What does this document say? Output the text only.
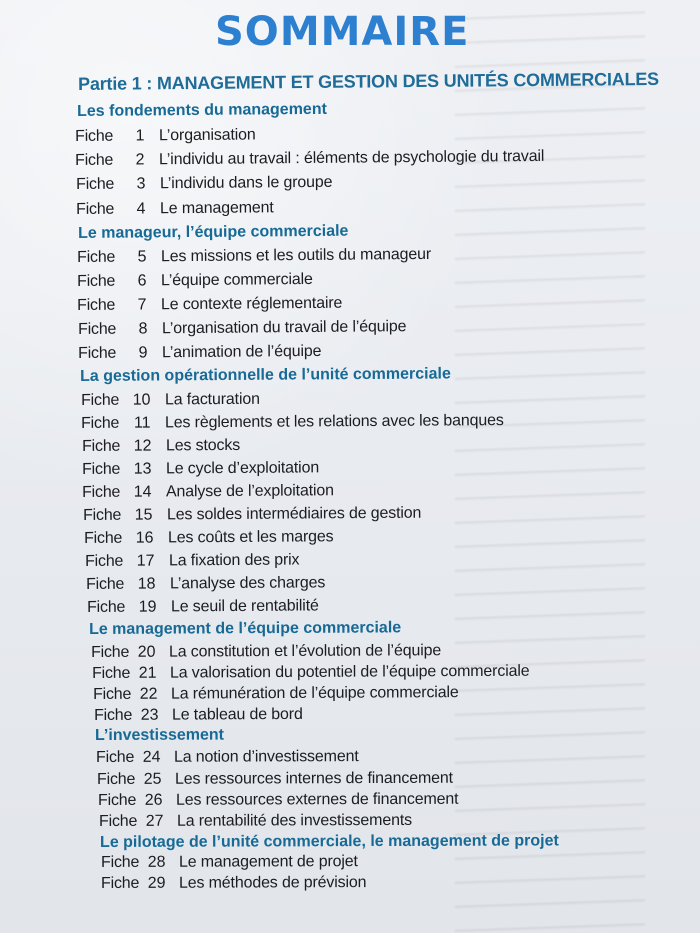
SOMMAIRE
Partie 1 : MANAGEMENT ET GESTION DES UNITÉS COMMERCIALES
Les fondements du management
Fiche 1 L’organisation
Fiche 2 L’individu au travail : éléments de psychologie du travail
Fiche 3 L’individu dans le groupe
Fiche 4 Le management
Le manageur, l’équipe commerciale
Fiche 5 Les missions et les outils du manageur
Fiche 6 L’équipe commerciale
Fiche 7 Le contexte réglementaire
Fiche 8 L’organisation du travail de l’équipe
Fiche 9 L’animation de l’équipe
La gestion opérationnelle de l’unité commerciale
Fiche 10 La facturation
Fiche 11 Les règlements et les relations avec les banques
Fiche 12 Les stocks
Fiche 13 Le cycle d’exploitation
Fiche 14 Analyse de l’exploitation
Fiche 15 Les soldes intermédiaires de gestion
Fiche 16 Les coûts et les marges
Fiche 17 La fixation des prix
Fiche 18 L’analyse des charges
Fiche 19 Le seuil de rentabilité
Le management de l’équipe commerciale
Fiche 20 La constitution et l’évolution de l’équipe
Fiche 21 La valorisation du potentiel de l’équipe commerciale
Fiche 22 La rémunération de l’équipe commerciale
Fiche 23 Le tableau de bord
L’investissement
Fiche 24 La notion d’investissement
Fiche 25 Les ressources internes de financement
Fiche 26 Les ressources externes de financement
Fiche 27 La rentabilité des investissements
Le pilotage de l’unité commerciale, le management de projet
Fiche 28 Le management de projet
Fiche 29 Les méthodes de prévision
